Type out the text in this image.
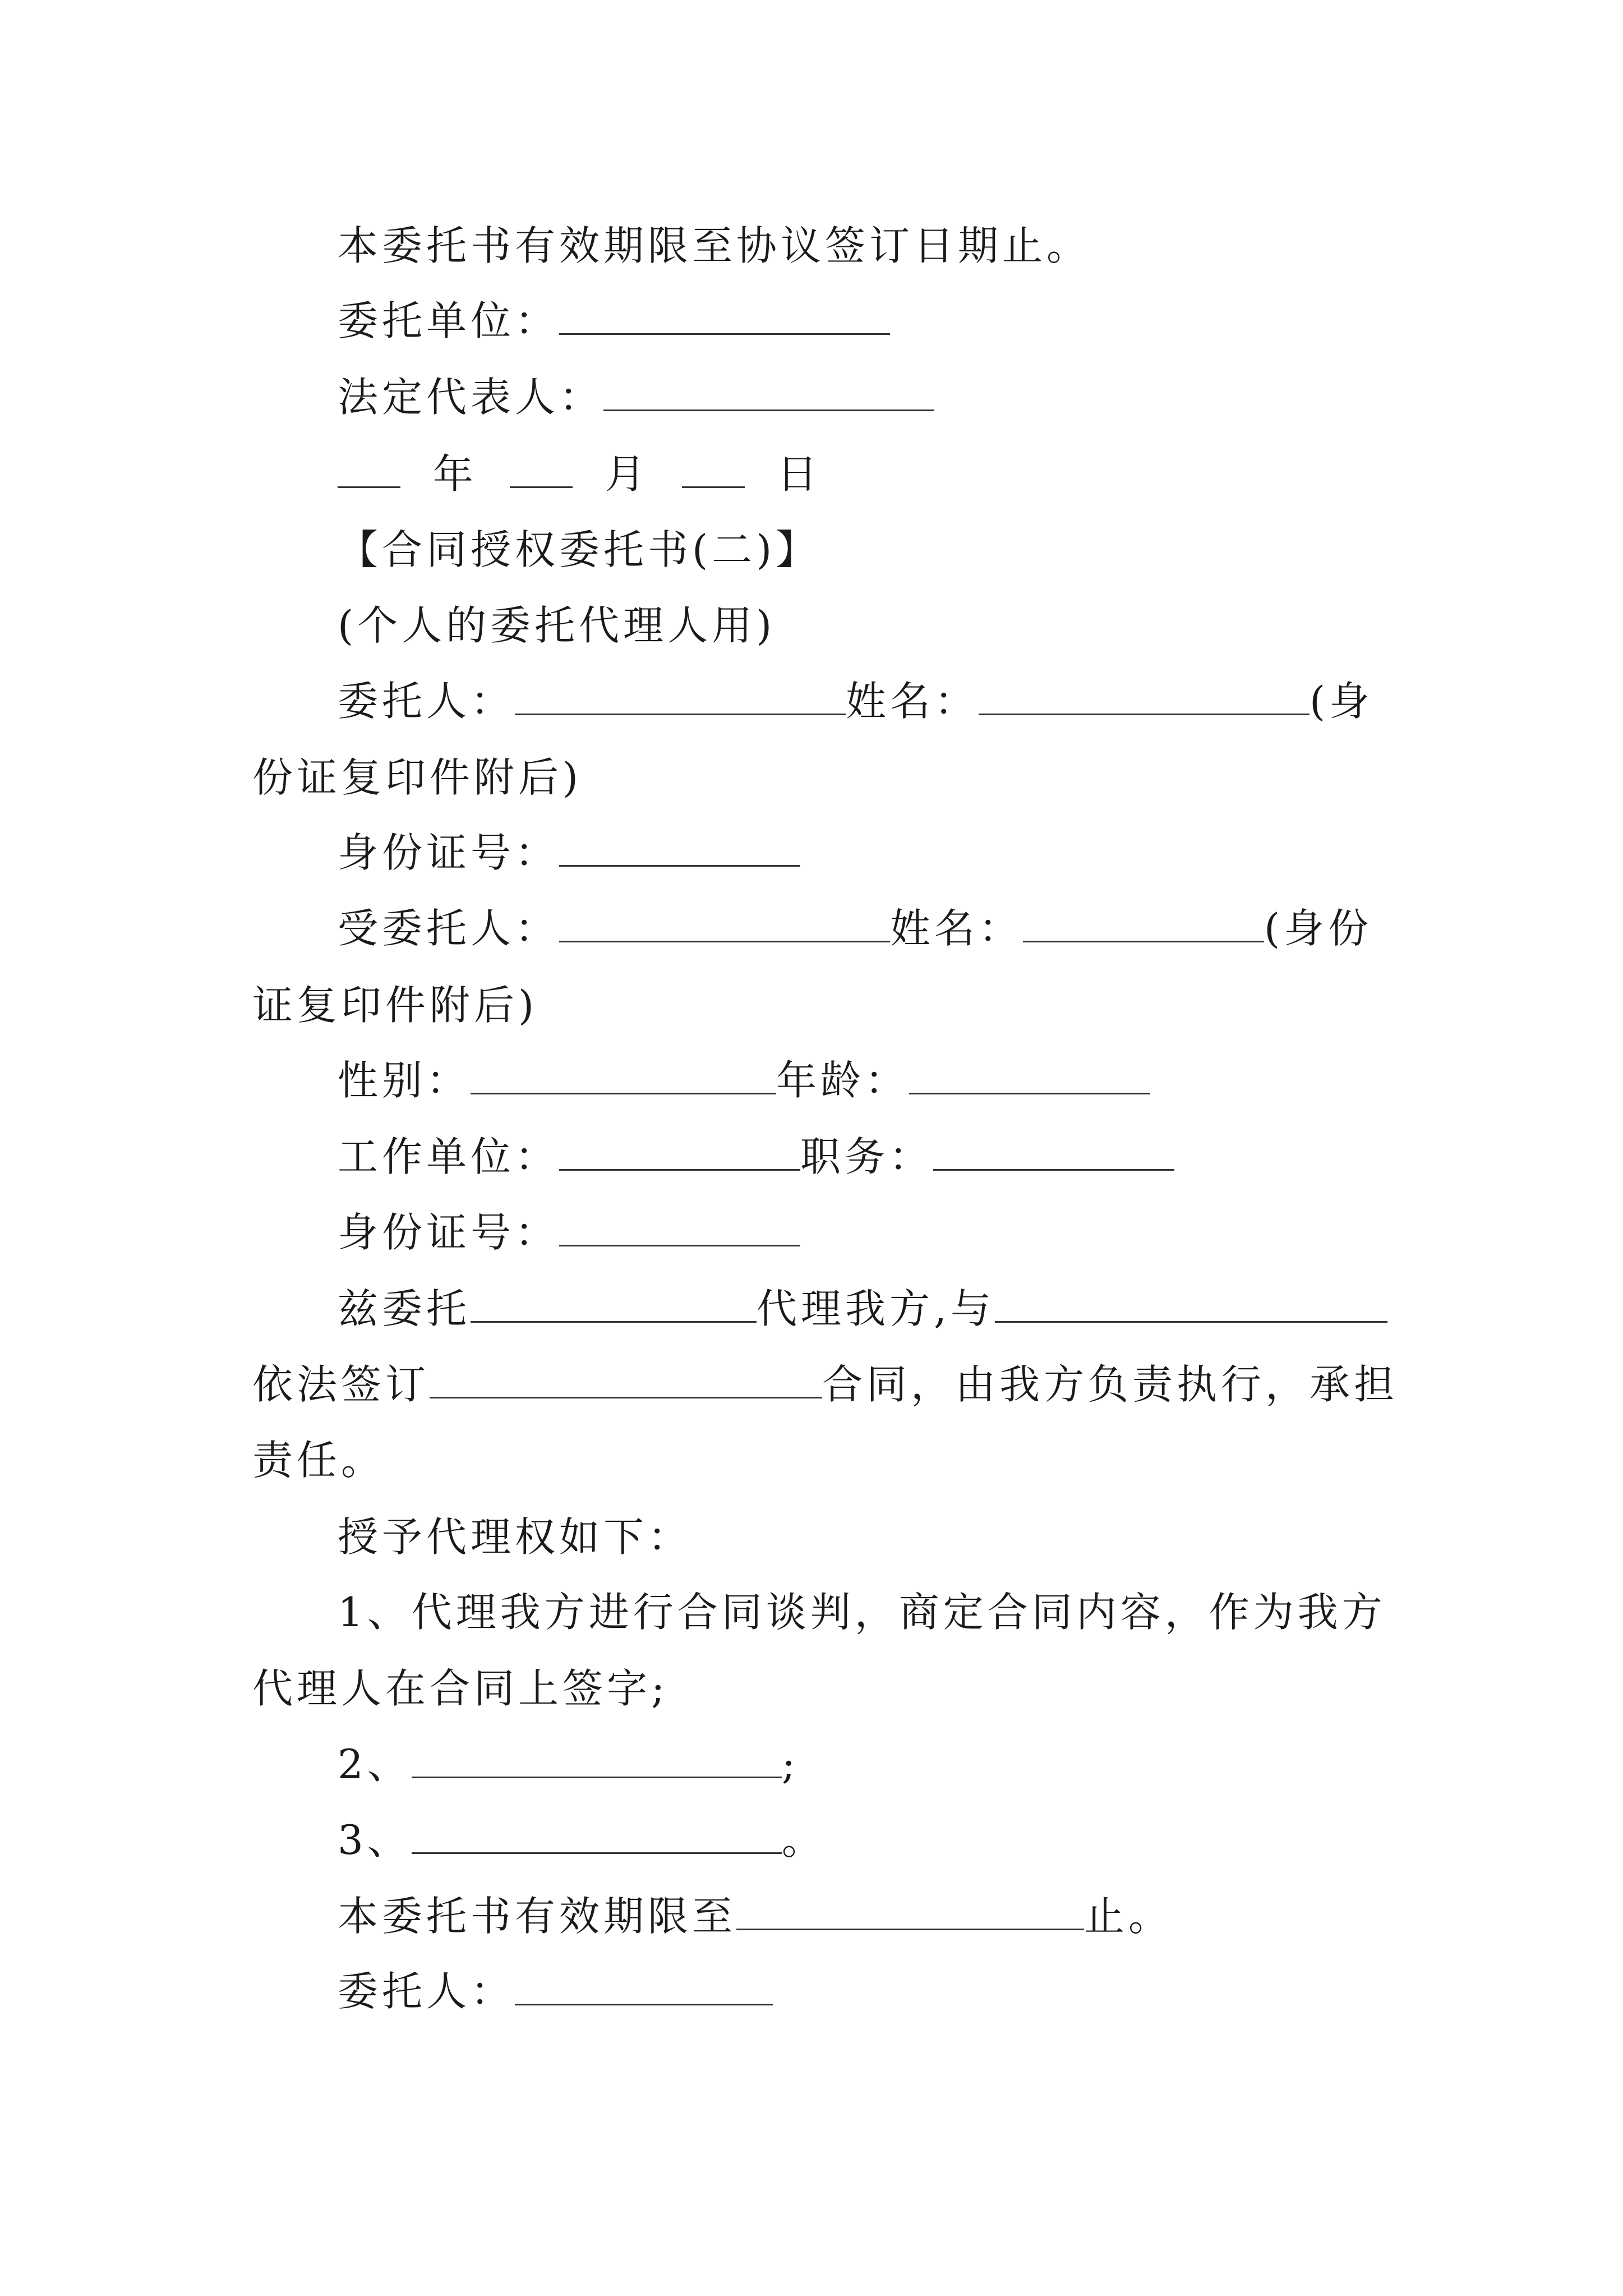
本委托书有效期限至协议签订日期止。
委托单位：
法定代表人：
年	月	日
【合同授权委托书(二)】
(个人的委托代理人用)
委托人：	姓名：	(身
份证复印件附后)
身份证号：
受委托人：	姓名：	(身份
证复印件附后)
性别：	年龄：
工作单位：	职务：
身份证号：
兹委托	代理我方,与
依法签订	合同，由我方负责执行，承担
责任。
授予代理权如下：
1、代理我方进行合同谈判，商定合同内容，作为我方
代理人在合同上签字;
2、	;
3、	。
本委托书有效期限至	止。
委托人：
